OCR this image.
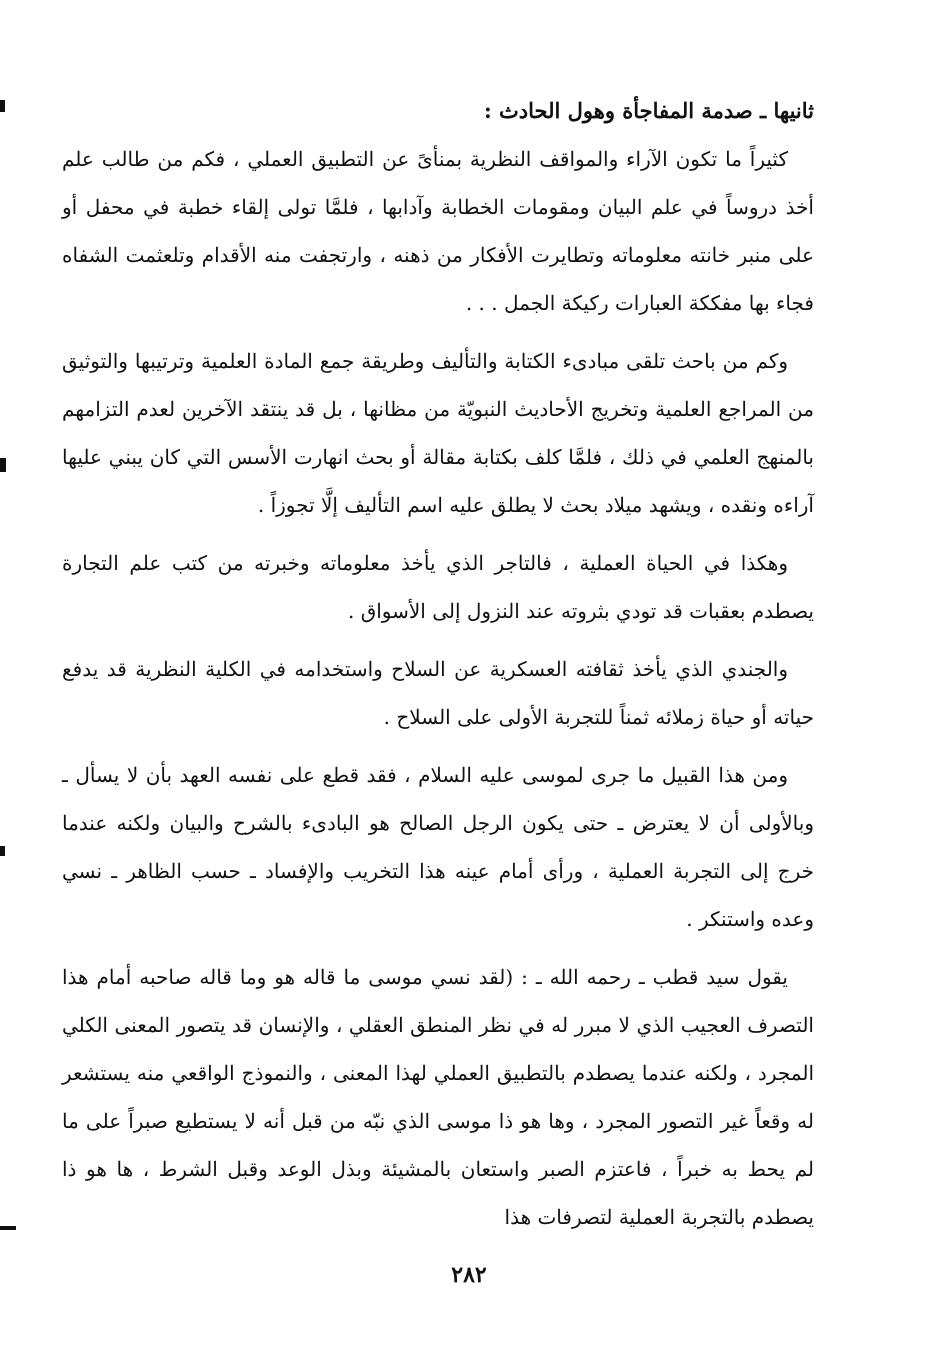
ثانيها ـ صدمة المفاجأة وهول الحادث :

كثيراً ما تكون الآراء والمواقف النظرية بمنأىً عن التطبيق العملي ، فكم من طالب علم أخذ دروساً في علم البيان ومقومات الخطابة وآدابها ، فلمَّا تولى إلقاء خطبة في محفل أو على منبر خانته معلوماته وتطايرت الأفكار من ذهنه ، وارتجفت منه الأقدام وتلعثمت الشفاه فجاء بها مفككة العبارات ركيكة الجمل . . .

وكم من باحث تلقى مبادىء الكتابة والتأليف وطريقة جمع المادة العلمية وترتيبها والتوثيق من المراجع العلمية وتخريج الأحاديث النبويّة من مظانها ، بل قد ينتقد الآخرين لعدم التزامهم بالمنهج العلمي في ذلك ، فلمَّا كلف بكتابة مقالة أو بحث انهارت الأسس التي كان يبني عليها آراءه ونقده ، ويشهد ميلاد بحث لا يطلق عليه اسم التأليف إلَّا تجوزاً .

وهكذا في الحياة العملية ، فالتاجر الذي يأخذ معلوماته وخبرته من كتب علم التجارة يصطدم بعقبات قد تودي بثروته عند النزول إلى الأسواق .

والجندي الذي يأخذ ثقافته العسكرية عن السلاح واستخدامه في الكلية النظرية قد يدفع حياته أو حياة زملائه ثمناً للتجربة الأولى على السلاح .

ومن هذا القبيل ما جرى لموسى عليه السلام ، فقد قطع على نفسه العهد بأن لا يسأل ـ وبالأولى أن لا يعترض ـ حتى يكون الرجل الصالح هو البادىء بالشرح والبيان ولكنه عندما خرج إلى التجربة العملية ، ورأى أمام عينه هذا التخريب والإفساد ـ حسب الظاهر ـ نسي وعده واستنكر .

يقول سيد قطب ـ رحمه الله ـ : (لقد نسي موسى ما قاله هو وما قاله صاحبه أمام هذا التصرف العجيب الذي لا مبرر له في نظر المنطق العقلي ، والإنسان قد يتصور المعنى الكلي المجرد ، ولكنه عندما يصطدم بالتطبيق العملي لهذا المعنى ، والنموذج الواقعي منه يستشعر له وقعاً غير التصور المجرد ، وها هو ذا موسى الذي نبّه من قبل أنه لا يستطيع صبراً على ما لم يحط به خبراً ، فاعتزم الصبر واستعان بالمشيئة وبذل الوعد وقبل الشرط ، ها هو ذا يصطدم بالتجربة العملية لتصرفات هذا

٢٨٢
